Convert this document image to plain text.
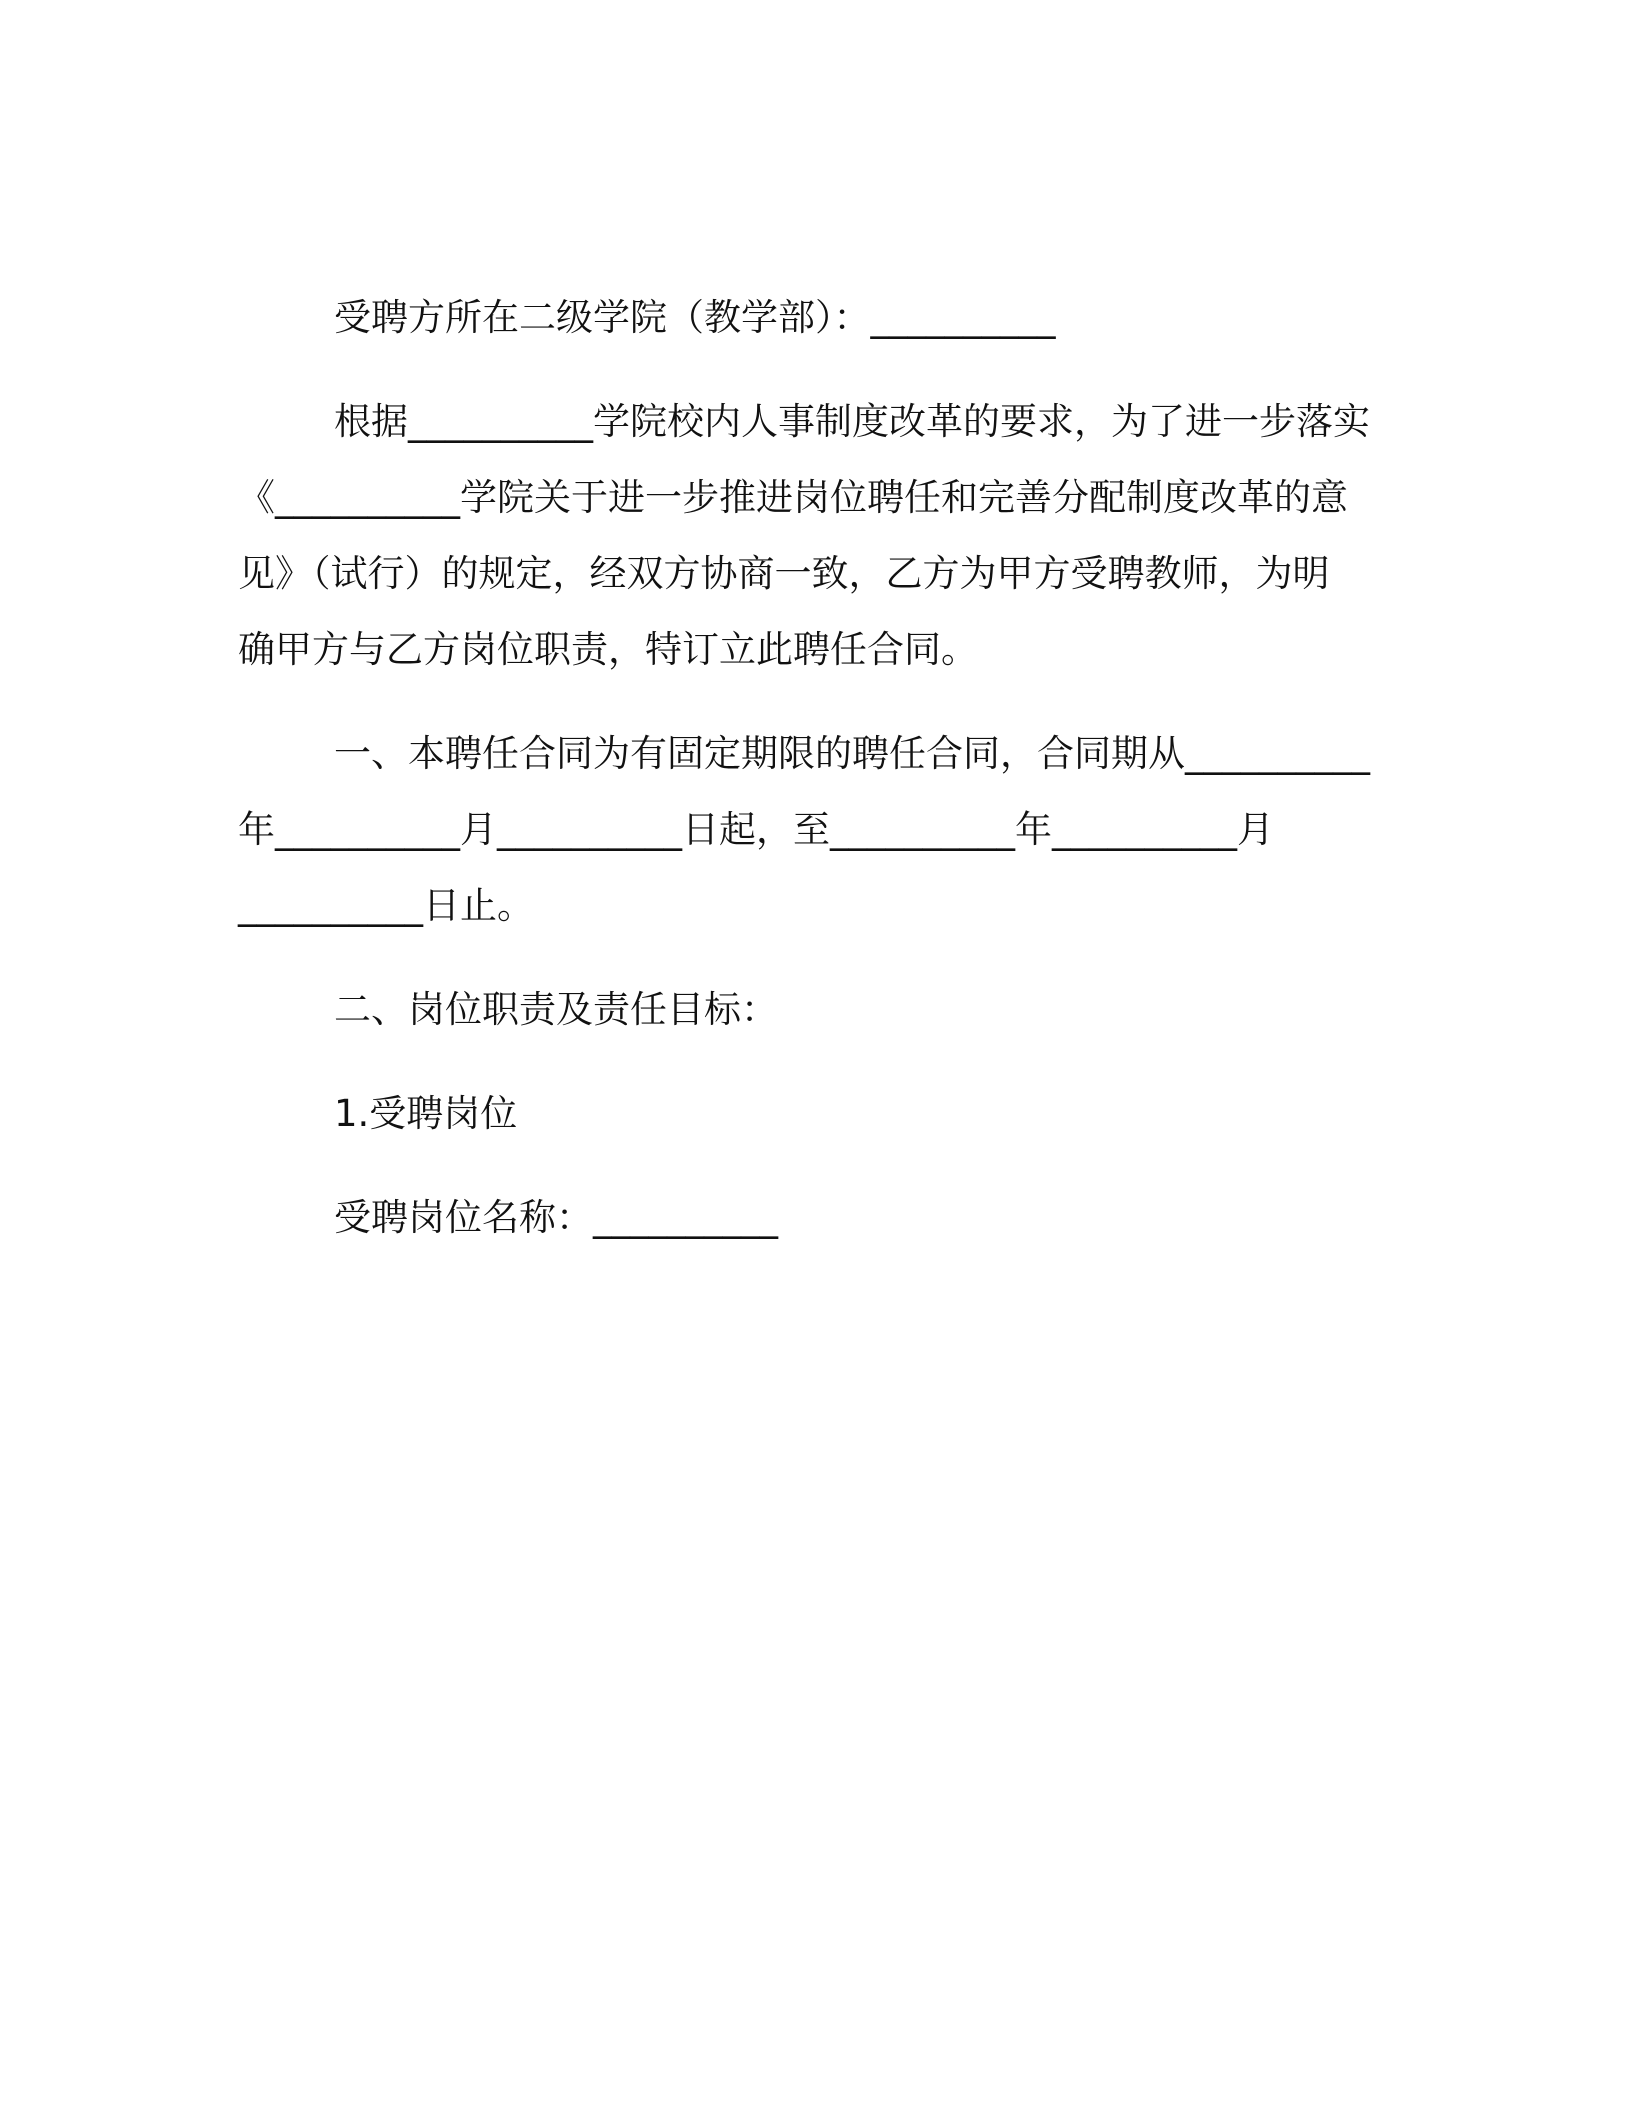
受聘方所在二级学院（教学部）：__________
根据__________学院校内人事制度改革的要求，为了进一步落实
《__________学院关于进一步推进岗位聘任和完善分配制度改革的意
见》（试行）的规定，经双方协商一致，乙方为甲方受聘教师，为明
确甲方与乙方岗位职责，特订立此聘任合同。
一、本聘任合同为有固定期限的聘任合同，合同期从__________
年__________月__________日起，至__________年__________月
__________日止。
二、岗位职责及责任目标：
1.受聘岗位
受聘岗位名称：__________
